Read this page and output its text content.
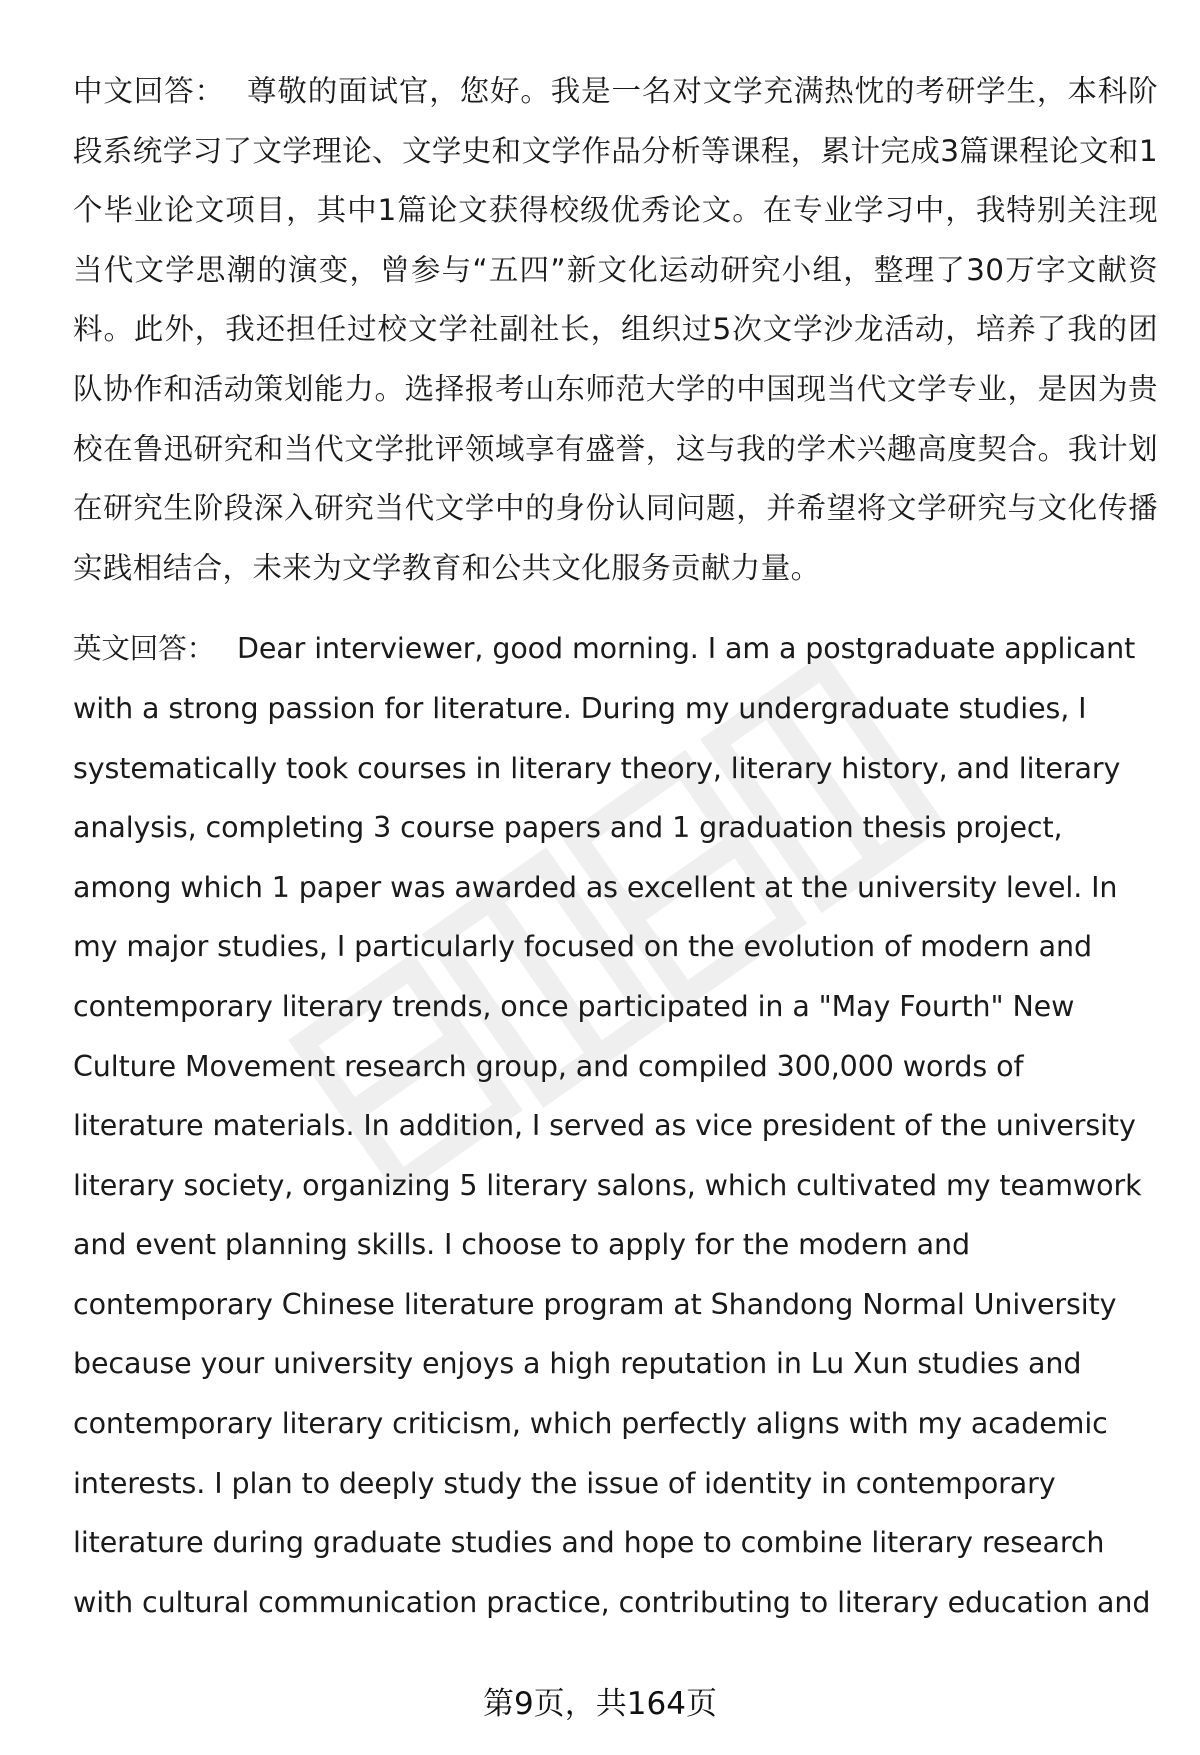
中文回答： 尊敬的面试官，您好。我是一名对文学充满热忱的考研学生，本科阶段系统学习了文学理论、文学史和文学作品分析等课程，累计完成3篇课程论文和1个毕业论文项目，其中1篇论文获得校级优秀论文。在专业学习中，我特别关注现当代文学思潮的演变，曾参与“五四”新文化运动研究小组，整理了30万字文献资料。此外，我还担任过校文学社副社长，组织过5次文学沙龙活动，培养了我的团队协作和活动策划能力。选择报考山东师范大学的中国现当代文学专业，是因为贵校在鲁迅研究和当代文学批评领域享有盛誉，这与我的学术兴趣高度契合。我计划在研究生阶段深入研究当代文学中的身份认同问题，并希望将文学研究与文化传播实践相结合，未来为文学教育和公共文化服务贡献力量。

英文回答： Dear interviewer, good morning. I am a postgraduate applicant with a strong passion for literature. During my undergraduate studies, I systematically took courses in literary theory, literary history, and literary analysis, completing 3 course papers and 1 graduation thesis project, among which 1 paper was awarded as excellent at the university level. In my major studies, I particularly focused on the evolution of modern and contemporary literary trends, once participated in a "May Fourth" New Culture Movement research group, and compiled 300,000 words of literature materials. In addition, I served as vice president of the university literary society, organizing 5 literary salons, which cultivated my teamwork and event planning skills. I choose to apply for the modern and contemporary Chinese literature program at Shandong Normal University because your university enjoys a high reputation in Lu Xun studies and contemporary literary criticism, which perfectly aligns with my academic interests. I plan to deeply study the issue of identity in contemporary literature during graduate studies and hope to combine literary research with cultural communication practice, contributing to literary education and

第9页，共164页
